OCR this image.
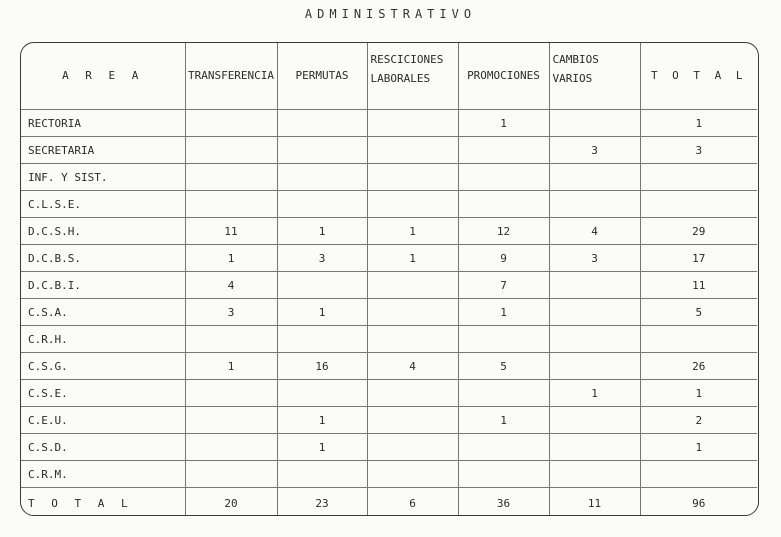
ADMINISTRATIVO
A R E A	TRANSFERENCIA	PERMUTAS	RESCICIONES LABORALES	PROMOCIONES	CAMBIOS VARIOS	T O T A L
RECTORIA				1		1
SECRETARIA					3	3
INF. Y SIST.						
C.L.S.E.						
D.C.S.H.	11	1	1	12	4	29
D.C.B.S.	1	3	1	9	3	17
D.C.B.I.	4			7		11
C.S.A.	3	1		1		5
C.R.H.						
C.S.G.	1	16	4	5		26
C.S.E.					1	1
C.E.U.		1		1		2
C.S.D.		1				1
C.R.M.						
T O T A L	20	23	6	36	11	96
